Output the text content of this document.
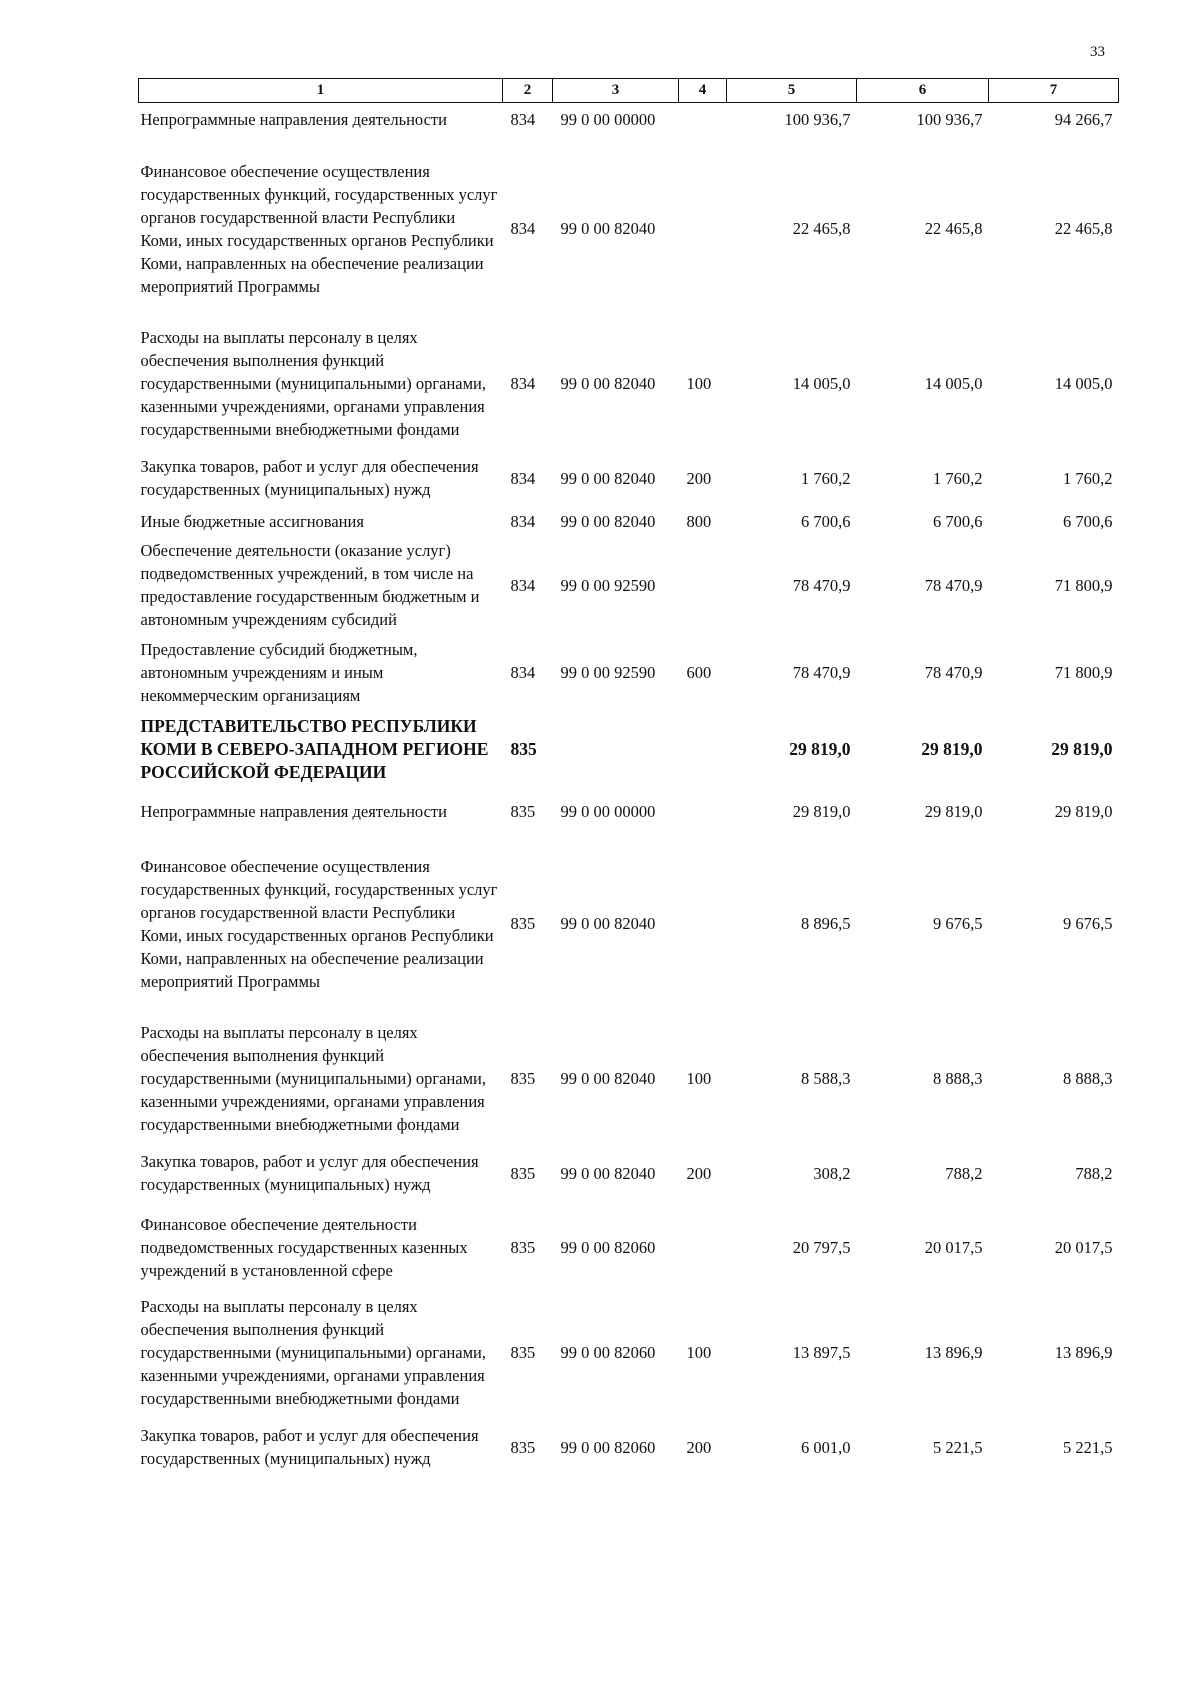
33
1	2	3	4	5	6	7
Непрограммные направления деятельности	834	99 0 00 00000		100 936,7	100 936,7	94 266,7
Финансовое обеспечение осуществления государственных функций, государственных услуг органов государственной власти Республики Коми, иных государственных органов Республики Коми, направленных на обеспечение реализации мероприятий Программы	834	99 0 00 82040		22 465,8	22 465,8	22 465,8
Расходы на выплаты персоналу в целях обеспечения выполнения функций государственными (муниципальными) органами, казенными учреждениями, органами управления государственными внебюджетными фондами	834	99 0 00 82040	100	14 005,0	14 005,0	14 005,0
Закупка товаров, работ и услуг для обеспечения государственных (муниципальных) нужд	834	99 0 00 82040	200	1 760,2	1 760,2	1 760,2
Иные бюджетные ассигнования	834	99 0 00 82040	800	6 700,6	6 700,6	6 700,6
Обеспечение деятельности (оказание услуг) подведомственных учреждений, в том числе на предоставление государственным бюджетным и автономным учреждениям субсидий	834	99 0 00 92590		78 470,9	78 470,9	71 800,9
Предоставление субсидий бюджетным, автономным учреждениям и иным некоммерческим организациям	834	99 0 00 92590	600	78 470,9	78 470,9	71 800,9
ПРЕДСТАВИТЕЛЬСТВО РЕСПУБЛИКИ КОМИ В СЕВЕРО-ЗАПАДНОМ РЕГИОНЕ РОССИЙСКОЙ ФЕДЕРАЦИИ	835			29 819,0	29 819,0	29 819,0
Непрограммные направления деятельности	835	99 0 00 00000		29 819,0	29 819,0	29 819,0
Финансовое обеспечение осуществления государственных функций, государственных услуг органов государственной власти Республики Коми, иных государственных органов Республики Коми, направленных на обеспечение реализации мероприятий Программы	835	99 0 00 82040		8 896,5	9 676,5	9 676,5
Расходы на выплаты персоналу в целях обеспечения выполнения функций государственными (муниципальными) органами, казенными учреждениями, органами управления государственными внебюджетными фондами	835	99 0 00 82040	100	8 588,3	8 888,3	8 888,3
Закупка товаров, работ и услуг для обеспечения государственных (муниципальных) нужд	835	99 0 00 82040	200	308,2	788,2	788,2
Финансовое обеспечение деятельности подведомственных государственных казенных учреждений в установленной сфере	835	99 0 00 82060		20 797,5	20 017,5	20 017,5
Расходы на выплаты персоналу в целях обеспечения выполнения функций государственными (муниципальными) органами, казенными учреждениями, органами управления государственными внебюджетными фондами	835	99 0 00 82060	100	13 897,5	13 896,9	13 896,9
Закупка товаров, работ и услуг для обеспечения государственных (муниципальных) нужд	835	99 0 00 82060	200	6 001,0	5 221,5	5 221,5
